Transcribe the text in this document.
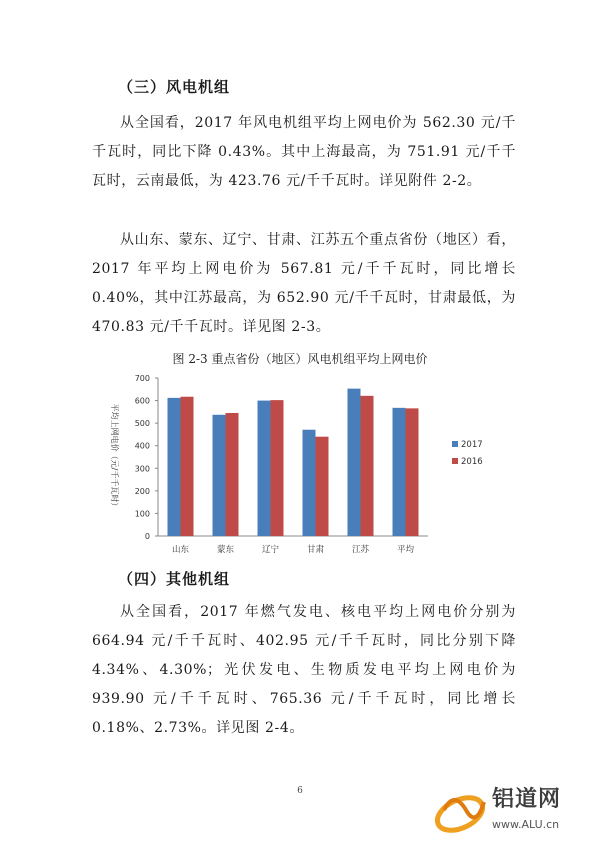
（三）风电机组

从全国看，2017 年风电机组平均上网电价为 562.30 元/千千瓦时，同比下降 0.43%。其中上海最高，为 751.91 元/千千瓦时，云南最低，为 423.76 元/千千瓦时。详见附件 2-2。

从山东、蒙东、辽宁、甘肃、江苏五个重点省份（地区）看，2017 年平均上网电价为 567.81 元/千千瓦时，同比增长 0.40%，其中江苏最高，为 652.90 元/千千瓦时，甘肃最低，为 470.83 元/千千瓦时。详见图 2-3。

图 2-3 重点省份（地区）风电机组平均上网电价
0
100
200
300
400
500
600
700
平均上网电价（元/千千瓦时）
山东	蒙东	辽宁	甘肃	江苏	平均
2017
2016
（四）其他机组

从全国看，2017 年燃气发电、核电平均上网电价分别为 664.94 元/千千瓦时、402.95 元/千千瓦时，同比分别下降 4.34%、4.30%；光伏发电、生物质发电平均上网电价为 939.90 元/千千瓦时、765.36 元/千千瓦时，同比增长 0.18%、2.73%。详见图 2-4。

6	铝道网
www.ALU.cn
